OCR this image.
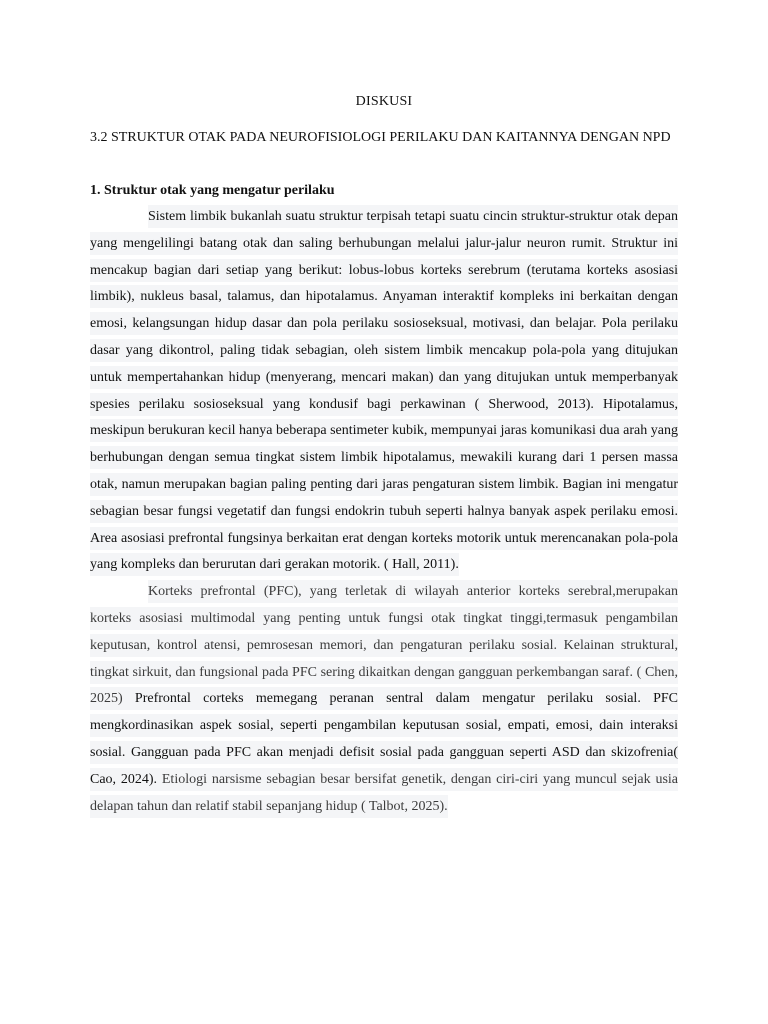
DISKUSI
3.2 STRUKTUR OTAK PADA NEUROFISIOLOGI PERILAKU DAN KAITANNYA DENGAN NPD
1. Struktur otak yang mengatur perilaku

Sistem limbik bukanlah suatu struktur terpisah tetapi suatu cincin struktur-struktur otak depan yang mengelilingi batang otak dan saling berhubungan melalui jalur-jalur neuron rumit. Struktur ini mencakup bagian dari setiap yang berikut: lobus-lobus korteks serebrum (terutama korteks asosiasi limbik), nukleus basal, talamus, dan hipotalamus. Anyaman interaktif kompleks ini berkaitan dengan emosi, kelangsungan hidup dasar dan pola perilaku sosioseksual, motivasi, dan belajar. Pola perilaku dasar yang dikontrol, paling tidak sebagian, oleh sistem limbik mencakup pola-pola yang ditujukan untuk mempertahankan hidup (menyerang, mencari makan) dan yang ditujukan untuk memperbanyak spesies perilaku sosioseksual yang kondusif bagi perkawinan ( Sherwood, 2013). Hipotalamus, meskipun berukuran kecil hanya beberapa sentimeter kubik, mempunyai jaras komunikasi dua arah yang berhubungan dengan semua tingkat sistem limbik hipotalamus, mewakili kurang dari 1 persen massa otak, namun merupakan bagian paling penting dari jaras pengaturan sistem limbik. Bagian ini mengatur sebagian besar fungsi vegetatif dan fungsi endokrin tubuh seperti halnya banyak aspek perilaku emosi. Area asosiasi prefrontal fungsinya berkaitan erat dengan korteks motorik untuk merencanakan pola-pola yang kompleks dan berurutan dari gerakan motorik. ( Hall, 2011).

Korteks prefrontal (PFC), yang terletak di wilayah anterior korteks serebral,merupakan korteks asosiasi multimodal yang penting untuk fungsi otak tingkat tinggi,termasuk pengambilan keputusan, kontrol atensi, pemrosesan memori, dan pengaturan perilaku sosial. Kelainan struktural, tingkat sirkuit, dan fungsional pada PFC sering dikaitkan dengan gangguan perkembangan saraf. ( Chen, 2025) Prefrontal corteks memegang peranan sentral dalam mengatur perilaku sosial. PFC mengkordinasikan aspek sosial, seperti pengambilan keputusan sosial, empati, emosi, dain interaksi sosial. Gangguan pada PFC akan menjadi defisit sosial pada gangguan seperti ASD dan skizofrenia( Cao, 2024). Etiologi narsisme sebagian besar bersifat genetik, dengan ciri-ciri yang muncul sejak usia delapan tahun dan relatif stabil sepanjang hidup ( Talbot, 2025).
